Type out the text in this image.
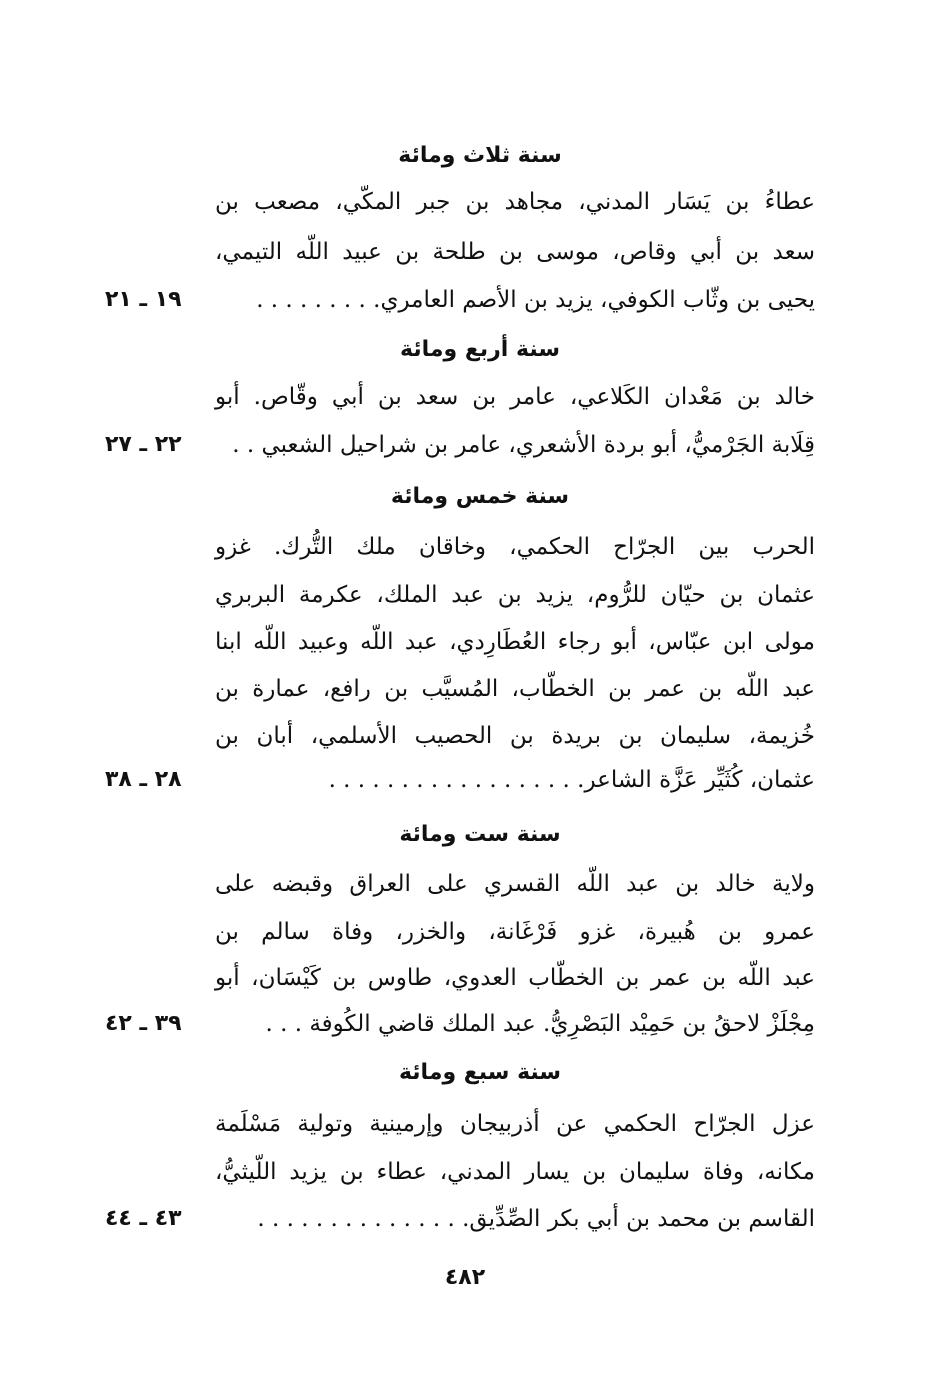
سنة ثلاث ومائة
عطاءُ بن يَسَار المدني، مجاهد بن جبر المكّي، مصعب بن
سعد بن أبي وقاص، موسى بن طلحة بن عبيد اللّه التيمي،
يحيى بن وثّاب الكوفي، يزيد بن الأصم العامري. . . . . . . . .
١٩ ـ ٢١
سنة أربع ومائة
خالد بن مَعْدان الكَلاعي، عامر بن سعد بن أبي وقّاص. أبو
قِلَابة الجَرْميُّ، أبو بردة الأشعري، عامر بن شراحيل الشعبي . .
٢٢ ـ ٢٧
سنة خمس ومائة
الحرب بين الجرّاح الحكمي، وخاقان ملك التُّرك. غزو
عثمان بن حيّان للرُّوم، يزيد بن عبد الملك، عكرمة البربري
مولى ابن عبّاس، أبو رجاء العُطَارِدي، عبد اللّه وعبيد اللّه ابنا
عبد اللّه بن عمر بن الخطّاب، المُسيَّب بن رافع، عمارة بن
خُزيمة، سليمان بن بريدة بن الحصيب الأسلمي، أبان بن
عثمان، كُثَيِّر عَزَّة الشاعر. . . . . . . . . . . . . . . . . .
٢٨ ـ ٣٨
سنة ست ومائة
ولاية خالد بن عبد اللّه القسري على العراق وقبضه على
عمرو بن هُبيرة، غزو فَرْغَانة، والخزر، وفاة سالم بن
عبد اللّه بن عمر بن الخطّاب العدوي، طاوس بن كَيْسَان، أبو
مِجْلَزْ لاحقُ بن حَمِيْد البَصْرِيُّ. عبد الملك قاضي الكُوفة . . .
٣٩ ـ ٤٢
سنة سبع ومائة
عزل الجرّاح الحكمي عن أذربيجان وإرمينية وتولية مَسْلَمة
مكانه، وفاة سليمان بن يسار المدني، عطاء بن يزيد اللّيثيُّ،
القاسم بن محمد بن أبي بكر الصِّدِّيق. . . . . . . . . . . . . . .
٤٣ ـ ٤٤
٤٨٢
